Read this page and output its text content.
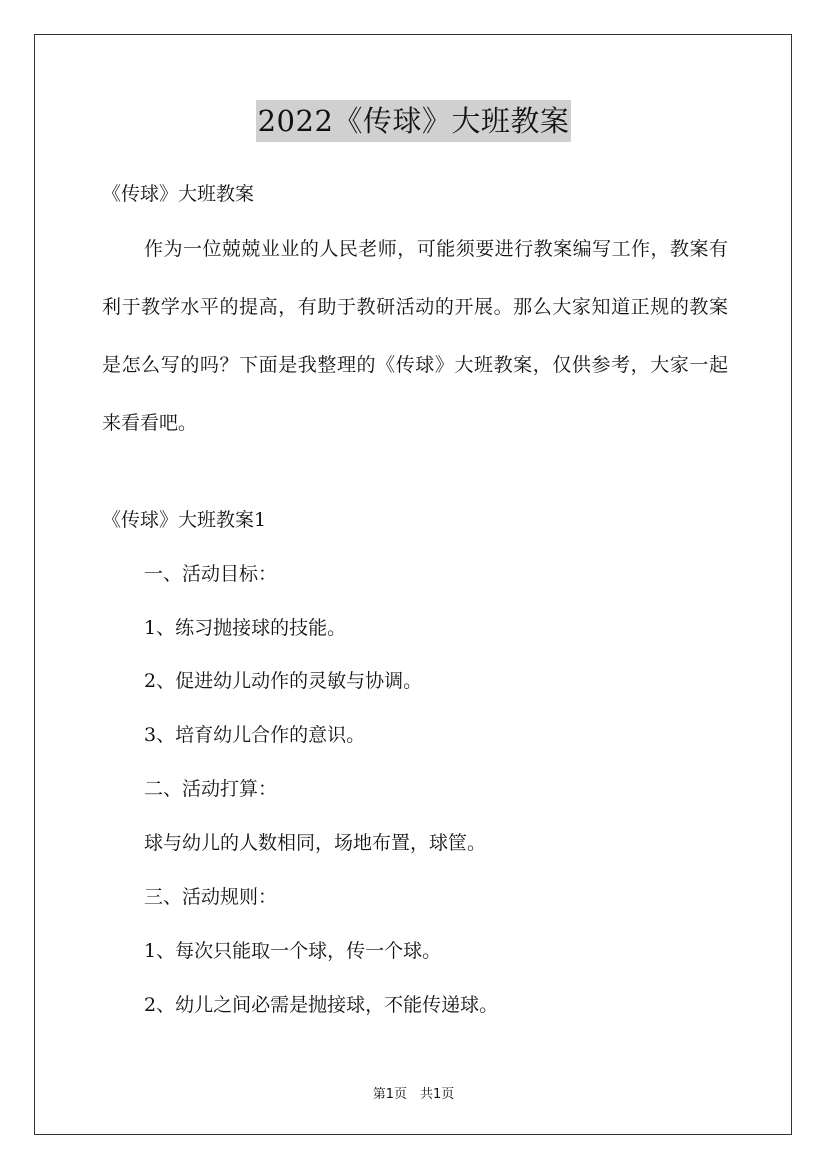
2022《传球》大班教案
《传球》大班教案
作为一位兢兢业业的人民老师，可能须要进行教案编写工作，教案有利于教学水平的提高，有助于教研活动的开展。那么大家知道正规的教案是怎么写的吗？下面是我整理的《传球》大班教案，仅供参考，大家一起来看看吧。
《传球》大班教案1
一、活动目标：
1、练习抛接球的技能。
2、促进幼儿动作的灵敏与协调。
3、培育幼儿合作的意识。
二、活动打算：
球与幼儿的人数相同，场地布置，球筐。
三、活动规则：
1、每次只能取一个球，传一个球。
2、幼儿之间必需是抛接球，不能传递球。
第1页　共1页
